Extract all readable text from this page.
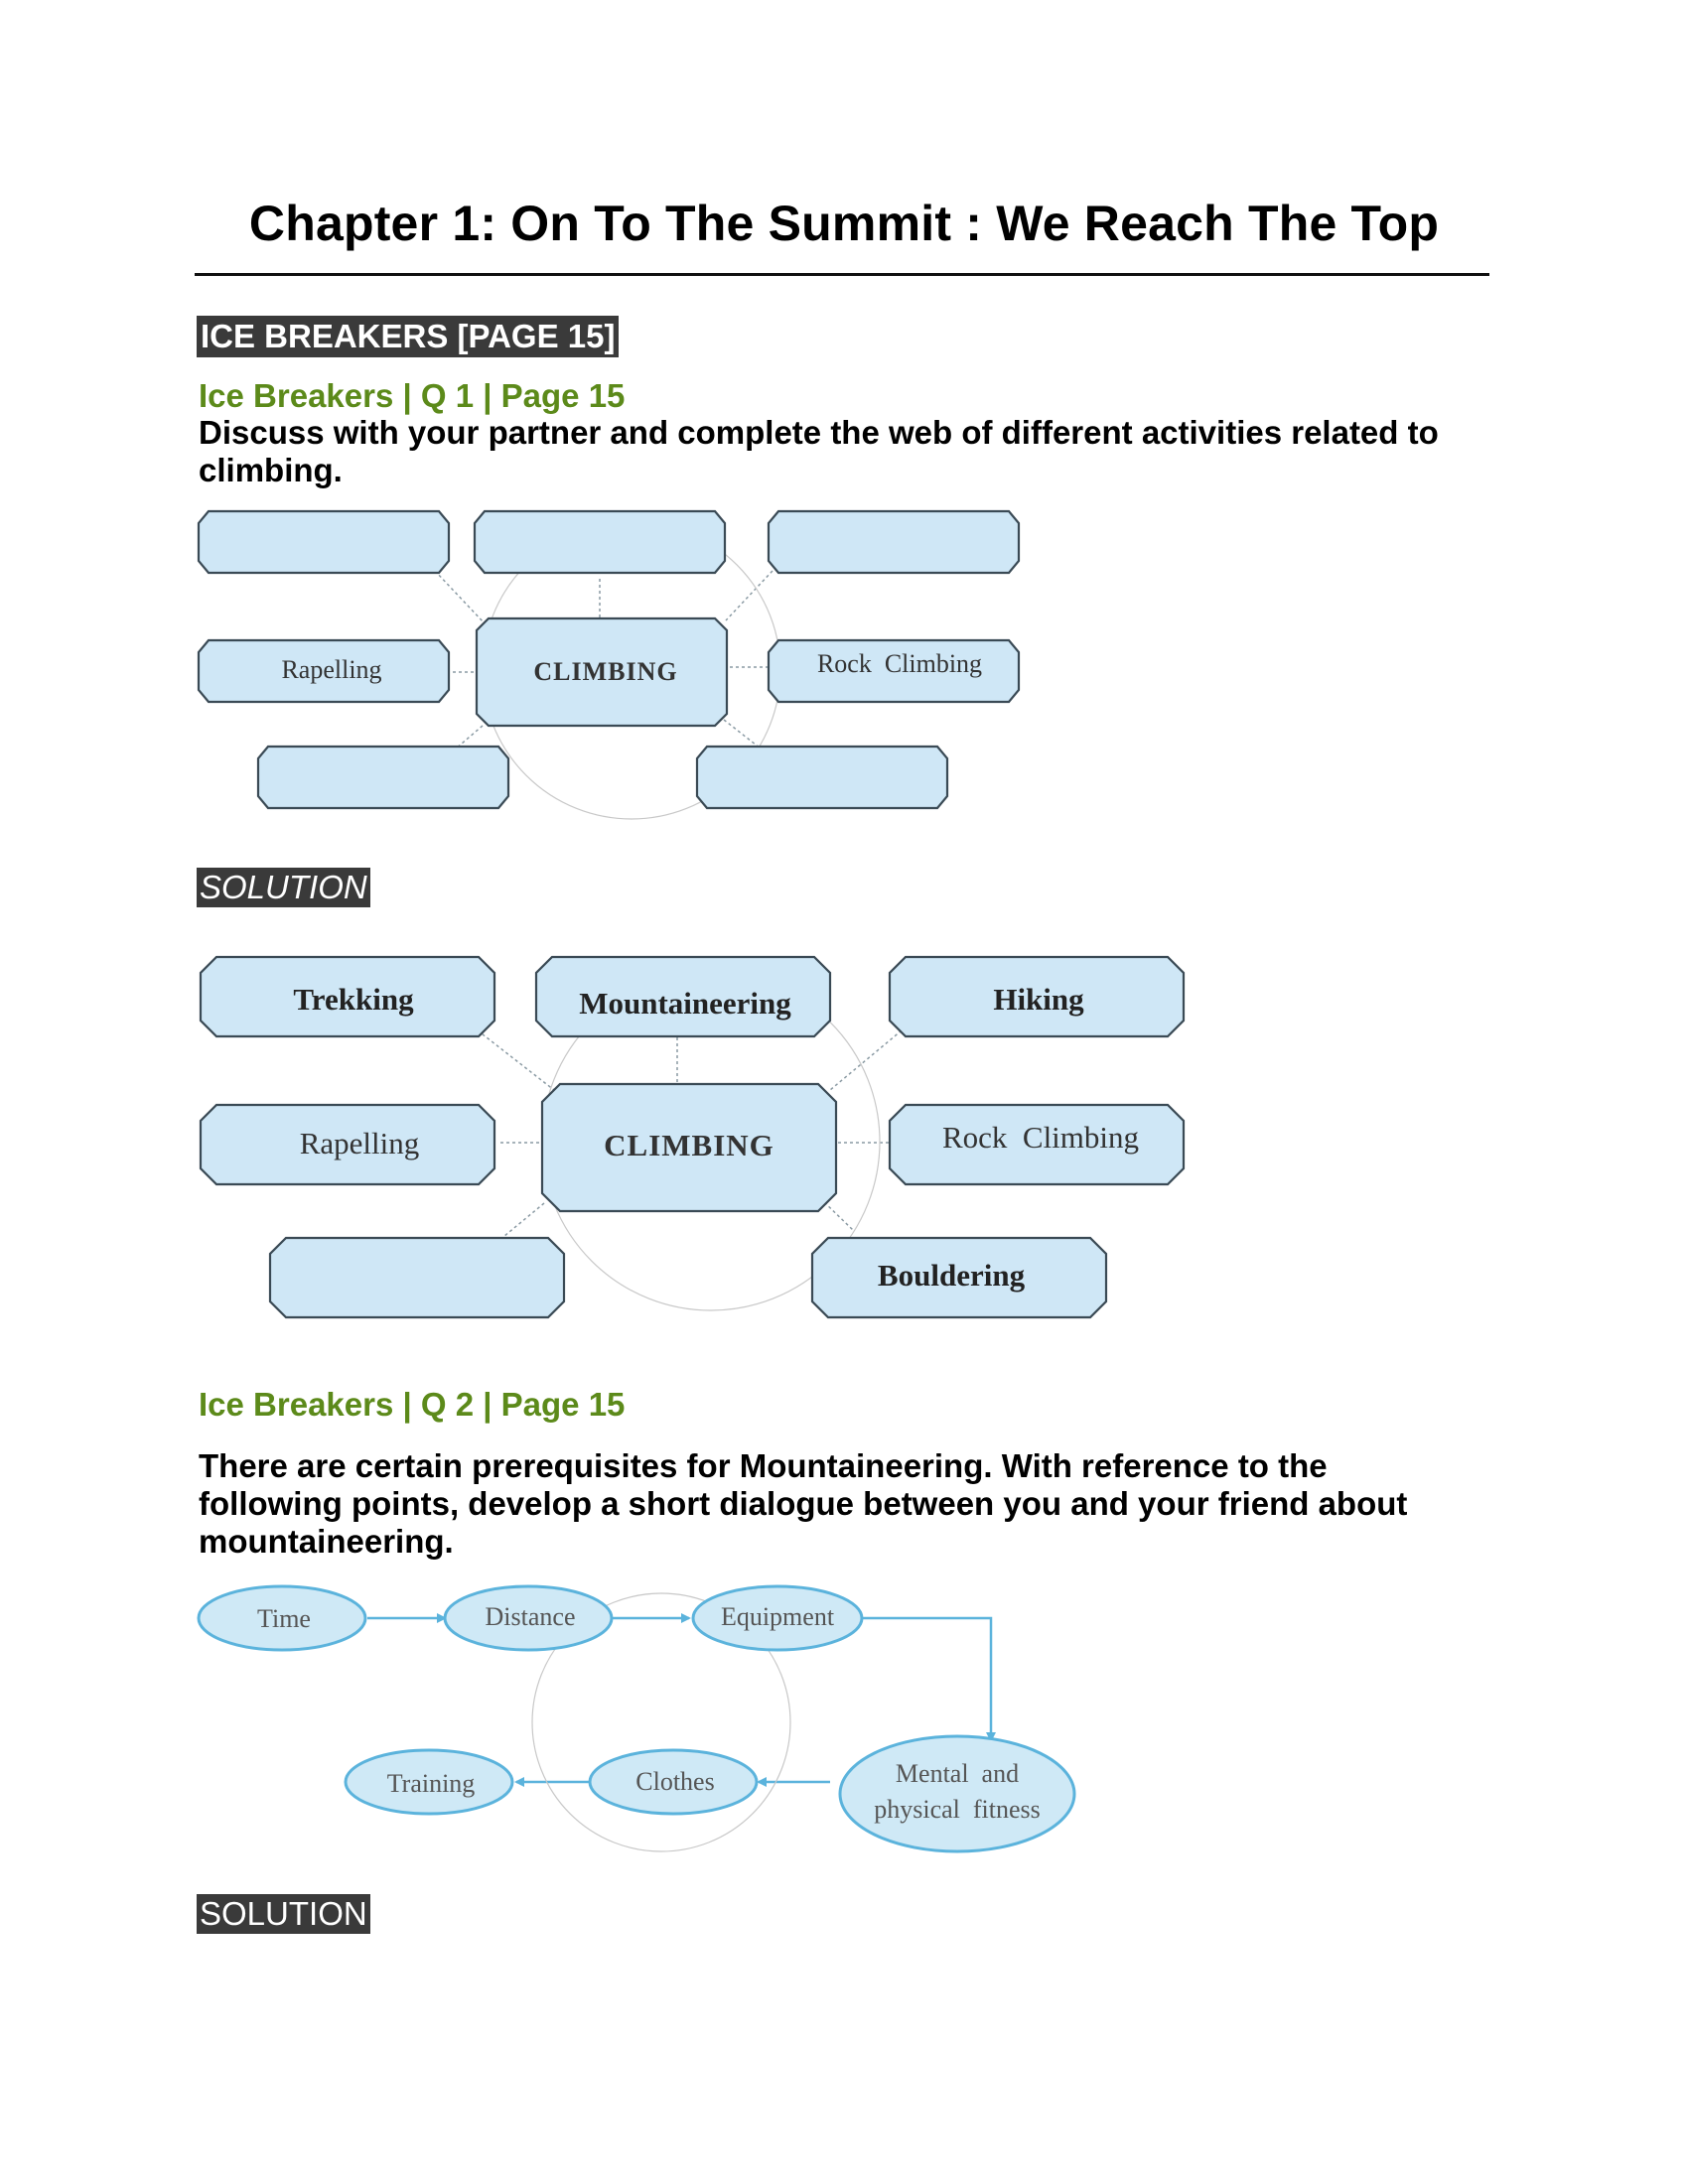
Chapter 1: On To The Summit : We Reach The Top
ICE BREAKERS [PAGE 15]
Ice Breakers | Q 1 | Page 15
Discuss with your partner and complete the web of different activities related to climbing.
Rapelling	CLIMBING	Rock  Climbing
SOLUTION
Trekking	Mountaineering	Hiking
Rapelling	CLIMBING	Rock  Climbing
Bouldering
Ice Breakers | Q 2 | Page 15
There are certain prerequisites for Mountaineering. With reference to the following points, develop a short dialogue between you and your friend about mountaineering.
Time	Distance	Equipment
Mental  and
physical  fitness
Clothes
Training
SOLUTION
